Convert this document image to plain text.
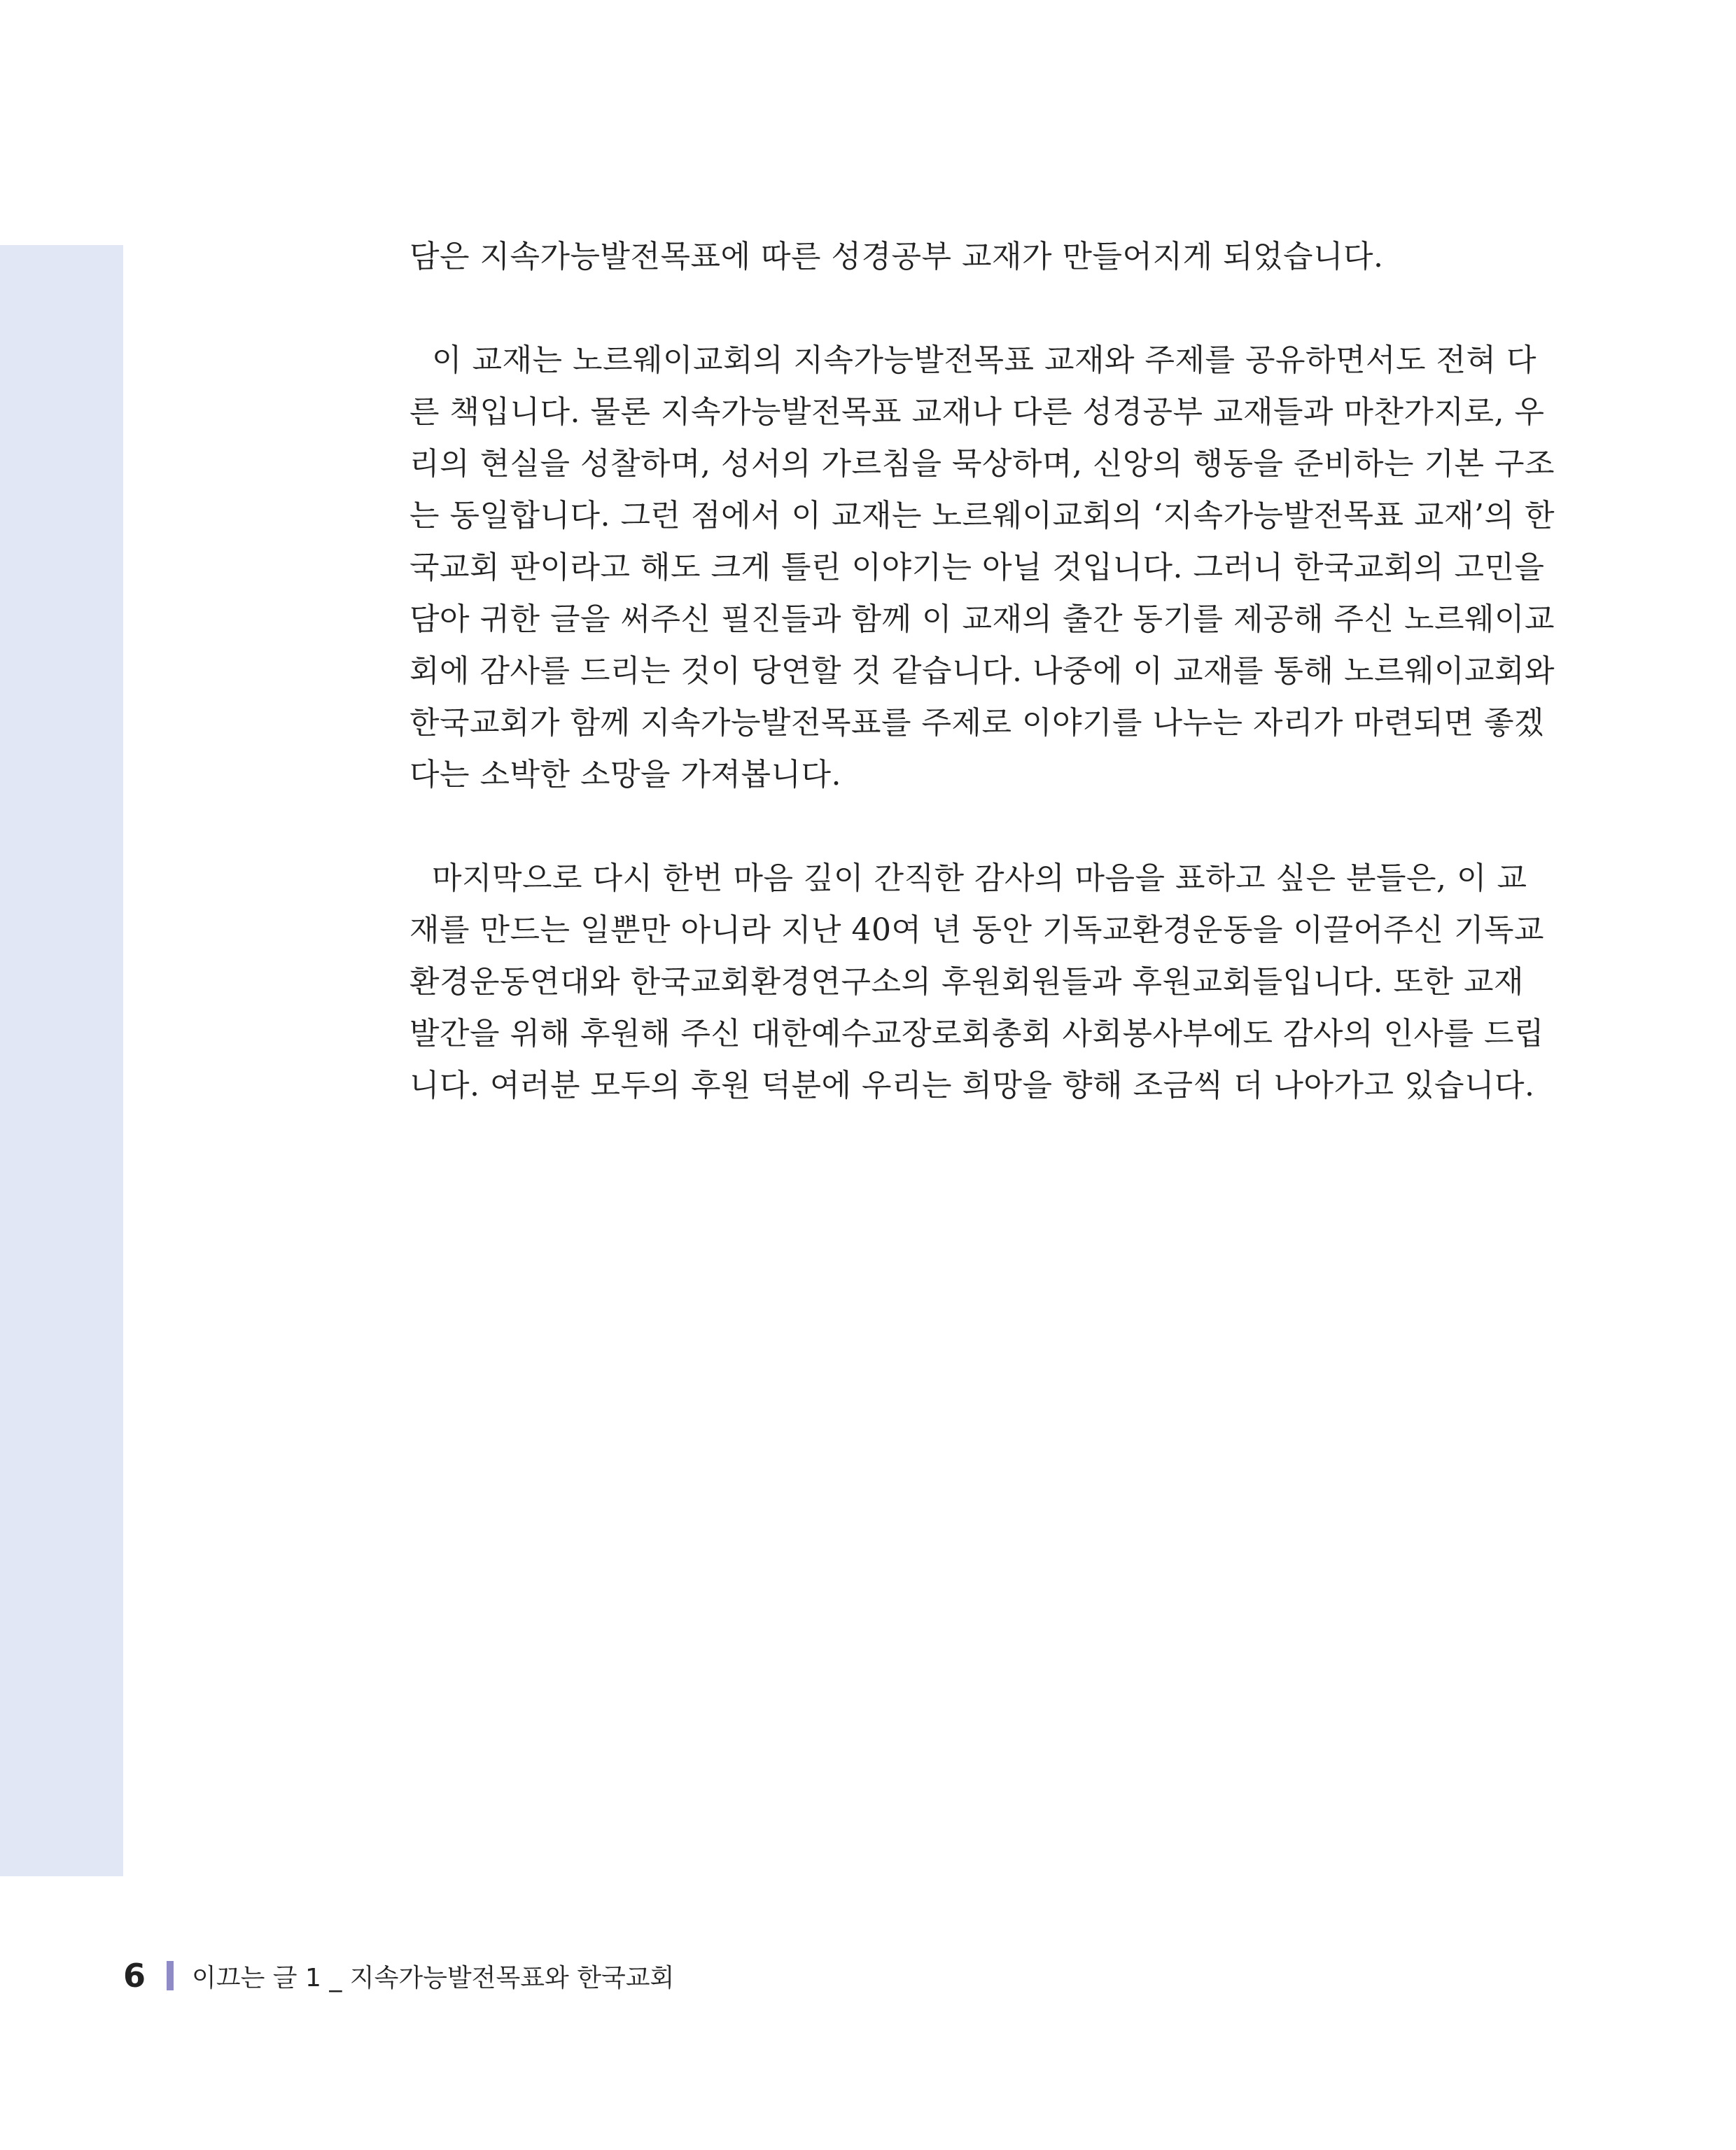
담은 지속가능발전목표에 따른 성경공부 교재가 만들어지게 되었습니다.
이 교재는 노르웨이교회의 지속가능발전목표 교재와 주제를 공유하면서도 전혀 다
른 책입니다. 물론 지속가능발전목표 교재나 다른 성경공부 교재들과 마찬가지로, 우
리의 현실을 성찰하며, 성서의 가르침을 묵상하며, 신앙의 행동을 준비하는 기본 구조
는 동일합니다. 그런 점에서 이 교재는 노르웨이교회의 ‘지속가능발전목표 교재’의 한
국교회 판이라고 해도 크게 틀린 이야기는 아닐 것입니다. 그러니 한국교회의 고민을
담아 귀한 글을 써주신 필진들과 함께 이 교재의 출간 동기를 제공해 주신 노르웨이교
회에 감사를 드리는 것이 당연할 것 같습니다. 나중에 이 교재를 통해 노르웨이교회와
한국교회가 함께 지속가능발전목표를 주제로 이야기를 나누는 자리가 마련되면 좋겠
다는 소박한 소망을 가져봅니다.
마지막으로 다시 한번 마음 깊이 간직한 감사의 마음을 표하고 싶은 분들은, 이 교
재를 만드는 일뿐만 아니라 지난 40여 년 동안 기독교환경운동을 이끌어주신 기독교
환경운동연대와 한국교회환경연구소의 후원회원들과 후원교회들입니다. 또한 교재
발간을 위해 후원해 주신 대한예수교장로회총회 사회봉사부에도 감사의 인사를 드립
니다. 여러분 모두의 후원 덕분에 우리는 희망을 향해 조금씩 더 나아가고 있습니다.
6 이끄는 글 1 _ 지속가능발전목표와 한국교회
